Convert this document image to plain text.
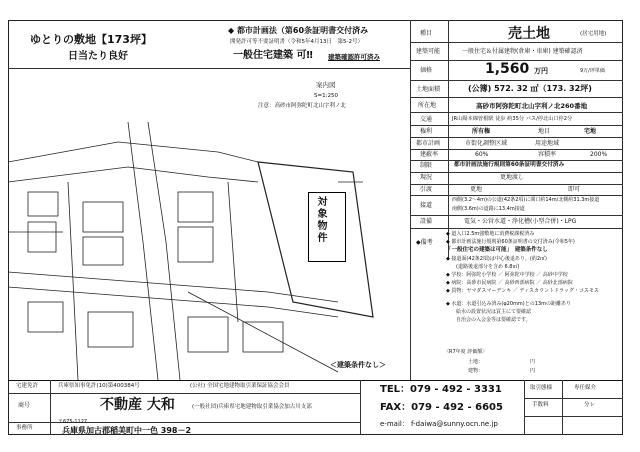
ゆとりの敷地【173坪】
日当たり良好
◆ 都市計画法（第60条証明書交付済み
開発許可等不要証明書（令和5年4月13日　第5-2号）
一般住宅建築 可‼ 建築確認許可済み
案内図
S=1:250
注意：高砂市阿弥陀町北山字利ノ北
対象物件
＜建築条件なし＞
種目	売土地	(居宅用地)
建築可能	一般住宅＆付属建物(倉庫・車庫) 建築確認済
価格	1,560 万円	9万/坪単価
土地面積	(公簿) 572. 32 ㎡（173. 32坪)
所在地	高砂市阿弥陀町北山字利ノ北260番地
交通	JR山陽本線曽根駅 徒歩 約35分 バス/停北山口停2分
権利	所有権	地目	宅地
都市計画	市街化調整区域	用途地域
建蔽率	60%	容積率	200%
制限	都市計画法施行規則第60条証明書交付済み
現況	更地渡し
引渡	更地	即可
接道
西側(3.2〜4m)の公道(42条2項)に間口約14m/北側約31.3m接道
南側(3.6m)の道路に13.4m接道
設備	電気・公営水道・浄化槽(小型合併)・LPG
◆備考
◆ 道入口2.5m強敷地に消費税課税済み
◆ 都市計画法施行規則第60条証明書の交付済み(令和5年)
「一般住宅の建築は可能」　建築条件なし
◆ 接道面(42条2項)は中心後退あり。(約2㎡)
　　(道路後退部分を含め 6.8㎡)
◆ 学校：阿弥陀小学校 ／ 阿弥陀中学校 ／ 高砂中学校
◆ 病院：高砂市民病院 ／ 高砂西部病院 ／ 高砂北部病院
◆ 買物：ヤマダスマーデンキ ／ ディスカウントドラッグ・コスモス
◆ 水道：水道引込み済み(φ20mm)との13mの距離あり
　　給水の設置状況は買主にて要確認
　　自治会の入会金等は要確認です。
〈R7年度 評価額〉
土地：	円
建物：	円
宅建免許	兵庫県知事免許(10)第400384号	(公社) 全国宅地建物取引業保証協会会員
商号	不動産 大和	(一般社団)兵庫県宅地建物取引業協会加古川支部
事務所
〒675-1127
兵庫県加古郡稲美町中一色 398－2
TEL：079 - 492 - 3331
FAX：079 - 492 - 6605
e-mail： f-daiwa@sunny.ocn.ne.jp
取引態様	専任媒介
手数料	分レ
